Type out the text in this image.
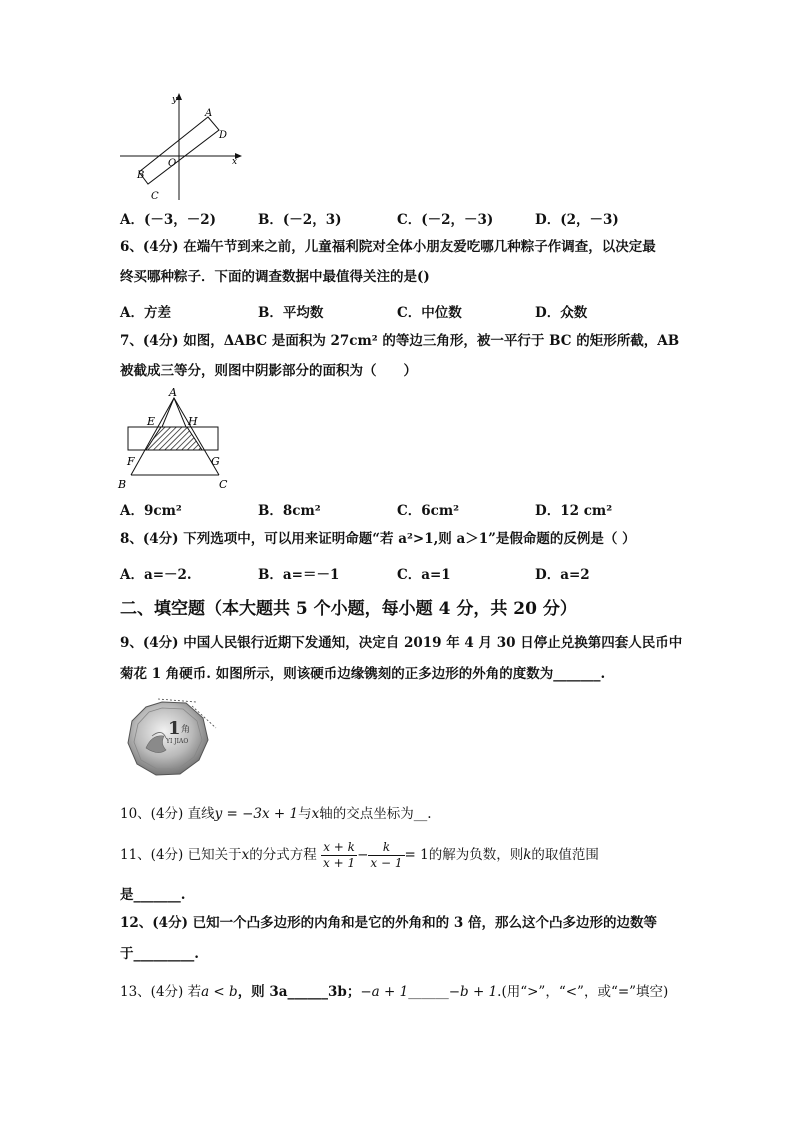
y
x
A
D
O
B
C
A．(－3，－2)	B．(－2，3)	C．(－2，－3)	D．(2，－3)
6、(4分) 在端午节到来之前，儿童福利院对全体小朋友爱吃哪几种粽子作调查，以决定最
终买哪种粽子．下面的调查数据中最值得关注的是()
A．方差	B．平均数	C．中位数	D．众数
7、(4分) 如图，ΔABC 是面积为 27cm² 的等边三角形，被一平行于 BC 的矩形所截，AB
被截成三等分，则图中阴影部分的面积为（　　）
A
E	H
F	G
B	C
A．9cm²	B．8cm²	C．6cm²	D．12 cm²
8、(4分) 下列选项中，可以用来证明命题“若 a²>1,则 a＞1”是假命题的反例是（ ）
A．a=－2.	B．a=＝－1	C．a=1	D．a=2
二、填空题（本大题共 5 个小题，每小题 4 分，共 20 分）
9、(4分) 中国人民银行近期下发通知，决定自 2019 年 4 月 30 日停止兑换第四套人民币中
菊花 1 角硬币. 如图所示，则该硬币边缘镌刻的正多边形的外角的度数为_______.
1 角
YI JIAO
10、(4分) 直线y = −3x + 1与x轴的交点坐标为__.
11、(4分) 已知关于x的分式方程 $\frac{x + k}{x + 1} - \frac{k}{x - 1} = 1$的解为负数，则k的取值范围
是_______.
12、(4分) 已知一个凸多边形的内角和是它的外角和的 3 倍，那么这个凸多边形的边数等
于_________.
13、(4分) 若a < b，则 3a______3b；−a + 1______−b + 1.(用“>”，“<”，或“=”填空)
